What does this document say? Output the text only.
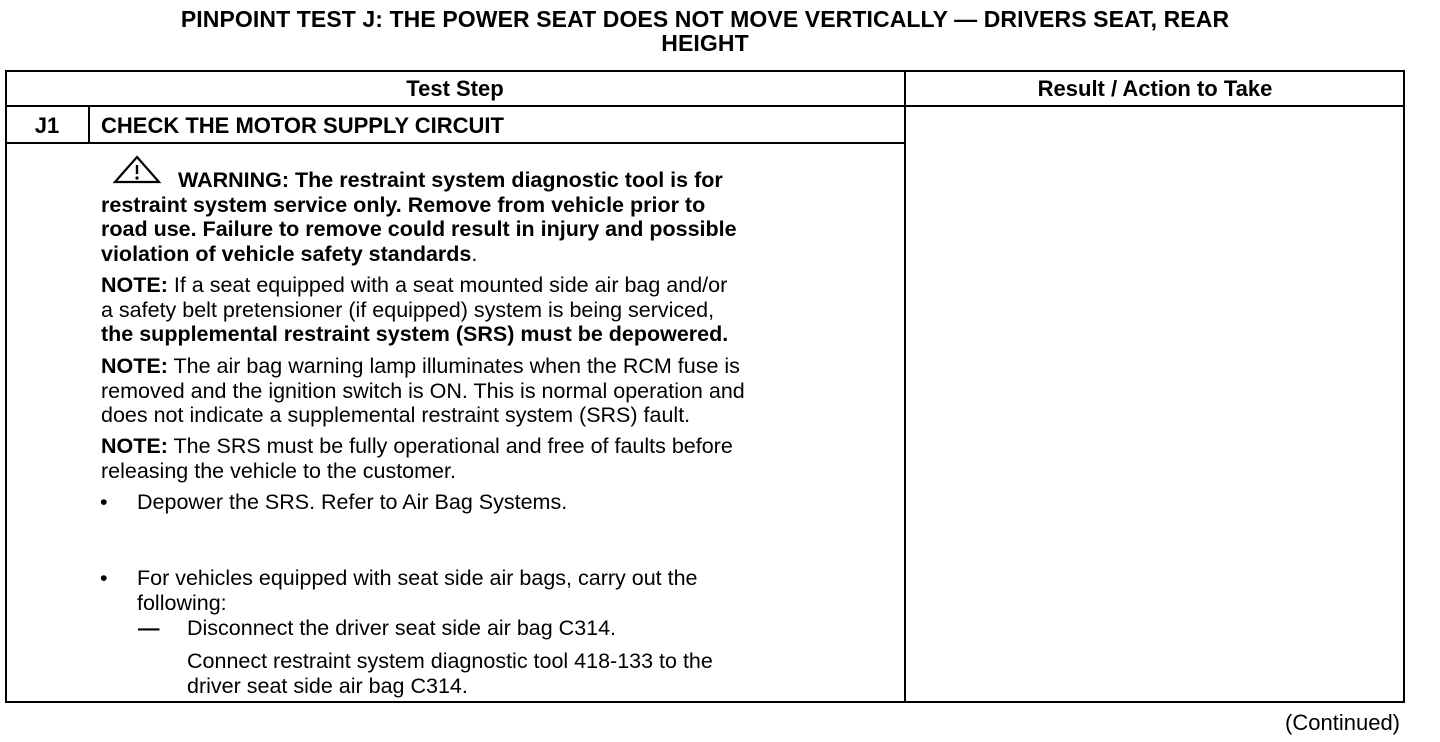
PINPOINT TEST J: THE POWER SEAT DOES NOT MOVE VERTICALLY — DRIVERS SEAT, REAR
HEIGHT
Test Step	Result / Action to Take
J1	CHECK THE MOTOR SUPPLY CIRCUIT
WARNING: The restraint system diagnostic tool is for
restraint system service only. Remove from vehicle prior to
road use. Failure to remove could result in injury and possible
violation of vehicle safety standards.
NOTE: If a seat equipped with a seat mounted side air bag and/or
a safety belt pretensioner (if equipped) system is being serviced,
the supplemental restraint system (SRS) must be depowered.
NOTE: The air bag warning lamp illuminates when the RCM fuse is
removed and the ignition switch is ON. This is normal operation and
does not indicate a supplemental restraint system (SRS) fault.
NOTE: The SRS must be fully operational and free of faults before
releasing the vehicle to the customer.
• Depower the SRS. Refer to Air Bag Systems.
• For vehicles equipped with seat side air bags, carry out the
following:
— Disconnect the driver seat side air bag C314.
Connect restraint system diagnostic tool 418-133 to the
driver seat side air bag C314.
(Continued)
